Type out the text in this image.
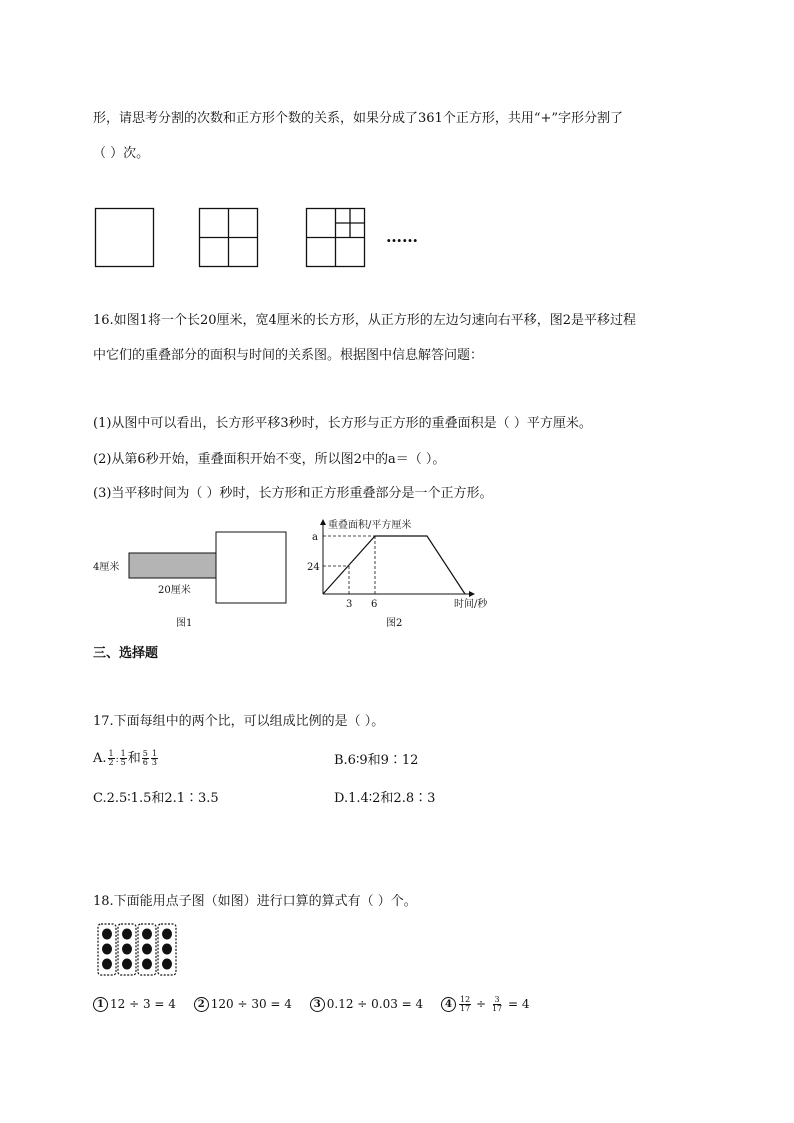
形，请思考分割的次数和正方形个数的关系，如果分成了361个正方形，共用“+”字形分割了
（ ）次。
……
16.如图1将一个长20厘米，宽4厘米的长方形，从正方形的左边匀速向右平移，图2是平移过程
中它们的重叠部分的面积与时间的关系图。根据图中信息解答问题：
(1)从图中可以看出，长方形平移3秒时，长方形与正方形的重叠面积是（ ）平方厘米。
(2)从第6秒开始，重叠面积开始不变，所以图2中的a＝（ ）。
(3)当平移时间为（ ）秒时，长方形和正方形重叠部分是一个正方形。
4厘米
20厘米
图1
重叠面积/平方厘米
时间/秒
a
24
3 6
图2
三、选择题
17.下面每组中的两个比，可以组成比例的是（ ）。
A. $\frac{1}{2}$ : $\frac{1}{5}$ 和 $\frac{5}{6} \frac{1}{3}$	B.6∶9和9∶12
C.2.5∶1.5和2.1∶3.5	D.1.4∶2和2.8∶3
18.下面能用点子图（如图）进行口算的算式有（ ）个。
1 12 ÷ 3 = 4 2 120 ÷ 30 = 4 3 0.12 ÷ 0.03 = 4 $4 \frac{12}{17} \div \frac{3}{17} = 4$
